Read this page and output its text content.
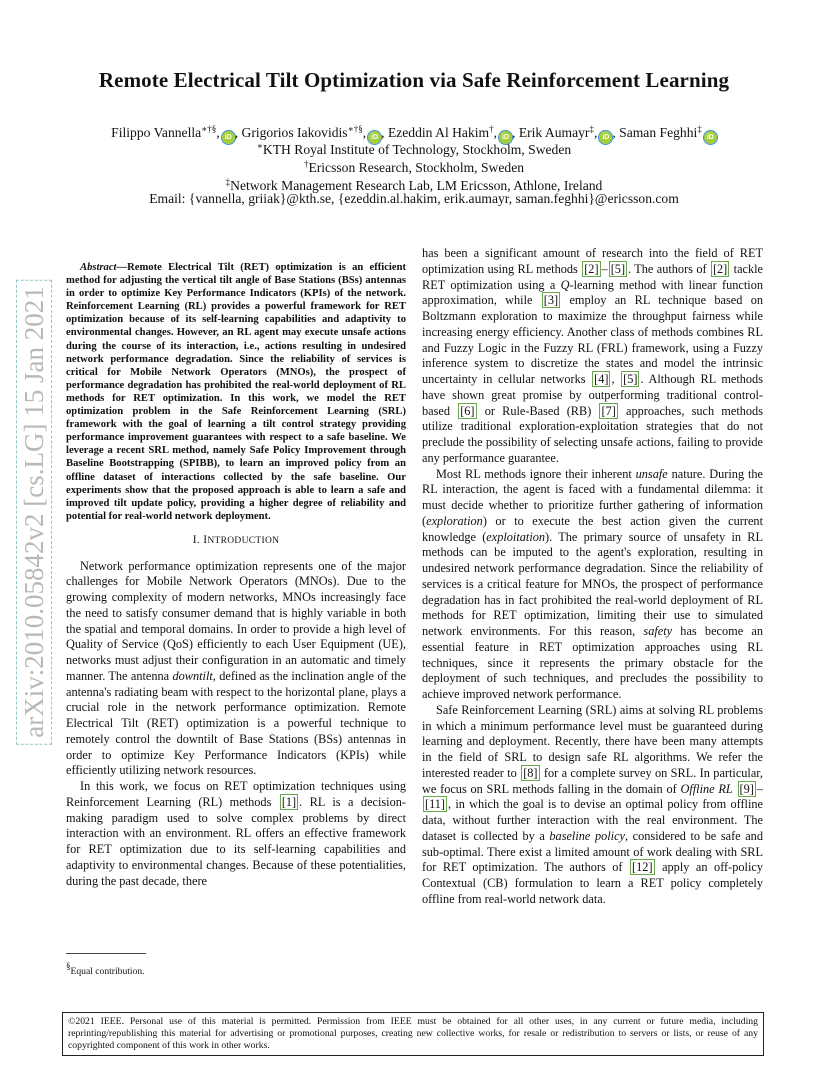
Remote Electrical Tilt Optimization via Safe Reinforcement Learning
Filippo Vannella∗†§, iD , Grigorios Iakovidis∗†§, iD , Ezeddin Al Hakim†, iD , Erik Aumayr‡, iD , Saman Feghhi‡iD
∗KTH Royal Institute of Technology, Stockholm, Sweden
†Ericsson Research, Stockholm, Sweden
‡Network Management Research Lab, LM Ericsson, Athlone, Ireland
Email: {vannella, griiak}@kth.se, {ezeddin.al.hakim, erik.aumayr, saman.feghhi}@ericsson.com
arXiv:2010.05842v2 [cs.LG] 15 Jan 2021

Abstract—Remote Electrical Tilt (RET) optimization is an efficient method for adjusting the vertical tilt angle of Base Stations (BSs) antennas in order to optimize Key Performance Indicators (KPIs) of the network. Reinforcement Learning (RL) provides a powerful framework for RET optimization because of its self-learning capabilities and adaptivity to environmental changes. However, an RL agent may execute unsafe actions during the course of its interaction, i.e., actions resulting in undesired network performance degradation. Since the reliability of services is critical for Mobile Network Operators (MNOs), the prospect of performance degradation has prohibited the real-world deployment of RL methods for RET optimization. In this work, we model the RET optimization problem in the Safe Reinforcement Learning (SRL) framework with the goal of learning a tilt control strategy providing performance improvement guarantees with respect to a safe baseline. We leverage a recent SRL method, namely Safe Policy Improvement through Baseline Bootstrapping (SPIBB), to learn an improved policy from an offline dataset of interactions collected by the safe baseline. Our experiments show that the proposed approach is able to learn a safe and improved tilt update policy, providing a higher degree of reliability and potential for real-world network deployment.

I. INTRODUCTION

Network performance optimization represents one of the major challenges for Mobile Network Operators (MNOs). Due to the growing complexity of modern networks, MNOs increasingly face the need to satisfy consumer demand that is highly variable in both the spatial and temporal domains. In order to provide a high level of Quality of Service (QoS) efficiently to each User Equipment (UE), networks must adjust their configuration in an automatic and timely manner. The antenna downtilt, defined as the inclination angle of the antenna's radiating beam with respect to the horizontal plane, plays a crucial role in the network performance optimization. Remote Electrical Tilt (RET) optimization is a powerful technique to remotely control the downtilt of Base Stations (BSs) antennas in order to optimize Key Performance Indicators (KPIs) while efficiently utilizing network resources.

In this work, we focus on RET optimization techniques using Reinforcement Learning (RL) methods [1] . RL is a decision-making paradigm used to solve complex problems by direct interaction with an environment. RL offers an effective framework for RET optimization due to its self-learning capabilities and adaptivity to environmental changes. Because of these potentialities, during the past decade, there

has been a significant amount of research into the field of RET optimization using RL methods [2] – [5] . The authors of [2] tackle RET optimization using a Q-learning method with linear function approximation, while [3] employ an RL technique based on Boltzmann exploration to maximize the throughput fairness while increasing energy efficiency. Another class of methods combines RL and Fuzzy Logic in the Fuzzy RL (FRL) framework, using a Fuzzy inference system to discretize the states and model the intrinsic uncertainty in cellular networks [4] , [5] . Although RL methods have shown great promise by outperforming traditional control-based [6] or Rule-Based (RB) [7] approaches, such methods utilize traditional exploration-exploitation strategies that do not preclude the possibility of selecting unsafe actions, failing to provide any performance guarantee.

Most RL methods ignore their inherent unsafe nature. During the RL interaction, the agent is faced with a fundamental dilemma: it must decide whether to prioritize further gathering of information (exploration) or to execute the best action given the current knowledge (exploitation). The primary source of unsafety in RL methods can be imputed to the agent's exploration, resulting in undesired network performance degradation. Since the reliability of services is a critical feature for MNOs, the prospect of performance degradation has in fact prohibited the real-world deployment of RL methods for RET optimization, limiting their use to simulated network environments. For this reason, safety has become an essential feature in RET optimization approaches using RL techniques, since it represents the primary obstacle for the deployment of such techniques, and precludes the possibility to achieve improved network performance.

Safe Reinforcement Learning (SRL) aims at solving RL problems in which a minimum performance level must be guaranteed during learning and deployment. Recently, there have been many attempts in the field of SRL to design safe RL algorithms. We refer the interested reader to [8] for a complete survey on SRL. In particular, we focus on SRL methods falling in the domain of Offline RL [9] –[11] , in which the goal is to devise an optimal policy from offline data, without further interaction with the real environment. The dataset is collected by a baseline policy, considered to be safe and sub-optimal. There exist a limited amount of work dealing with SRL for RET optimization. The authors of [12] apply an off-policy Contextual (CB) formulation to learn a RET policy completely offline from real-world network data.

§Equal contribution.
©2021 IEEE. Personal use of this material is permitted. Permission from IEEE must be obtained for all other uses, in any current or future media, including reprinting/republishing this material for advertising or promotional purposes, creating new collective works, for resale or redistribution to servers or lists, or reuse of any copyrighted component of this work in other works.
